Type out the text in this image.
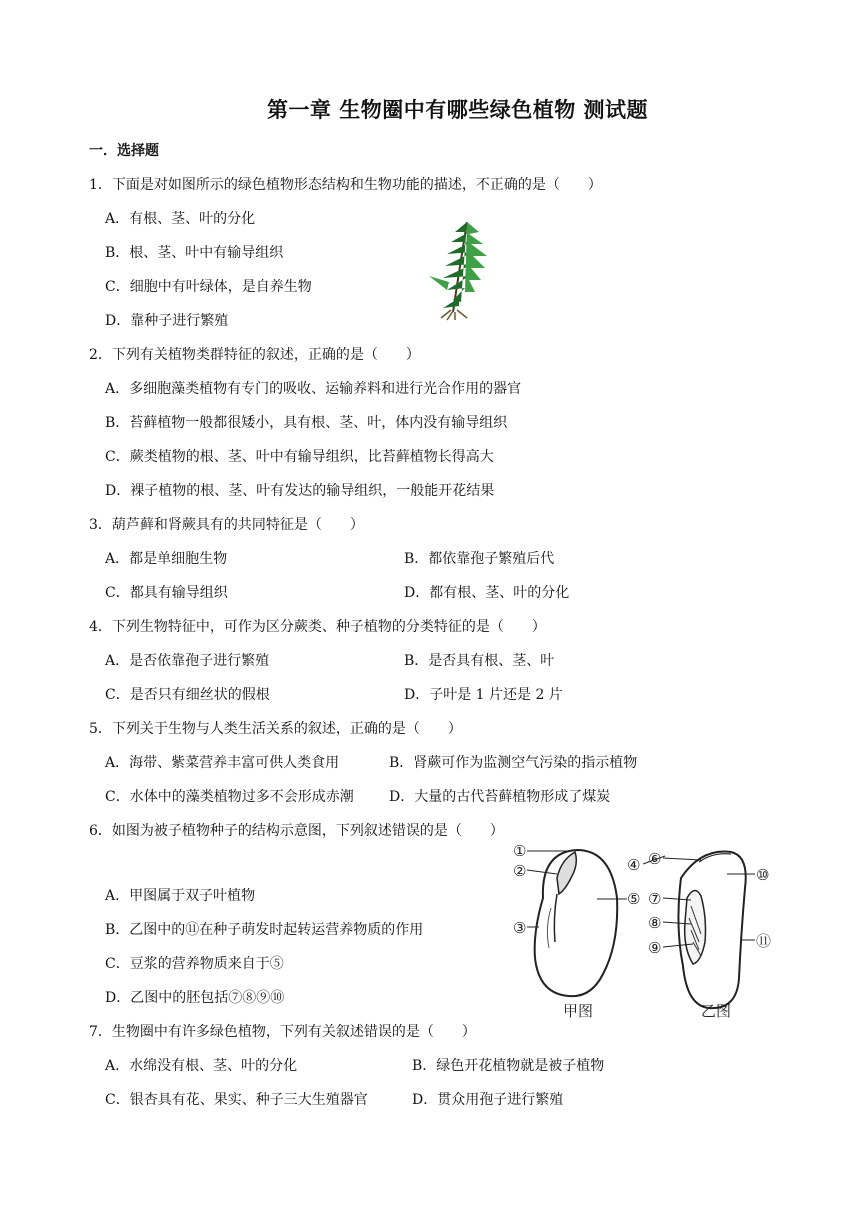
第一章 生物圈中有哪些绿色植物 测试题
一．选择题
1．下面是对如图所示的绿色植物形态结构和生物功能的描述，不正确的是（　　）
A．有根、茎、叶的分化
B．根、茎、叶中有输导组织
C．细胞中有叶绿体，是自养生物
D．靠种子进行繁殖
2．下列有关植物类群特征的叙述，正确的是（　　）
A．多细胞藻类植物有专门的吸收、运输养料和进行光合作用的器官
B．苔藓植物一般都很矮小，具有根、茎、叶，体内没有输导组织
C．蕨类植物的根、茎、叶中有输导组织，比苔藓植物长得高大
D．裸子植物的根、茎、叶有发达的输导组织，一般能开花结果
3．葫芦藓和肾蕨具有的共同特征是（　　）
A．都是单细胞生物	B．都依靠孢子繁殖后代
C．都具有输导组织	D．都有根、茎、叶的分化
4．下列生物特征中，可作为区分蕨类、种子植物的分类特征的是（　　）
A．是否依靠孢子进行繁殖	B．是否具有根、茎、叶
C．是否只有细丝状的假根	D．子叶是 1 片还是 2 片
5．下列关于生物与人类生活关系的叙述，正确的是（　　）
A．海带、紫菜营养丰富可供人类食用	B．肾蕨可作为监测空气污染的指示植物
C．水体中的藻类植物过多不会形成赤潮	D．大量的古代苔藓植物形成了煤炭
6．如图为被子植物种子的结构示意图，下列叙述错误的是（　　）
A．甲图属于双子叶植物
B．乙图中的⑪在种子萌发时起转运营养物质的作用
C．豆浆的营养物质来自于⑤
D．乙图中的胚包括⑦⑧⑨⑩
①
②
③
④
⑤
⑥
⑦
⑧
⑨
⑩
⑪
甲图	乙图
7．生物圈中有许多绿色植物，下列有关叙述错误的是（　　）
A．水绵没有根、茎、叶的分化	B．绿色开花植物就是被子植物
C．银杏具有花、果实、种子三大生殖器官	D．贯众用孢子进行繁殖
